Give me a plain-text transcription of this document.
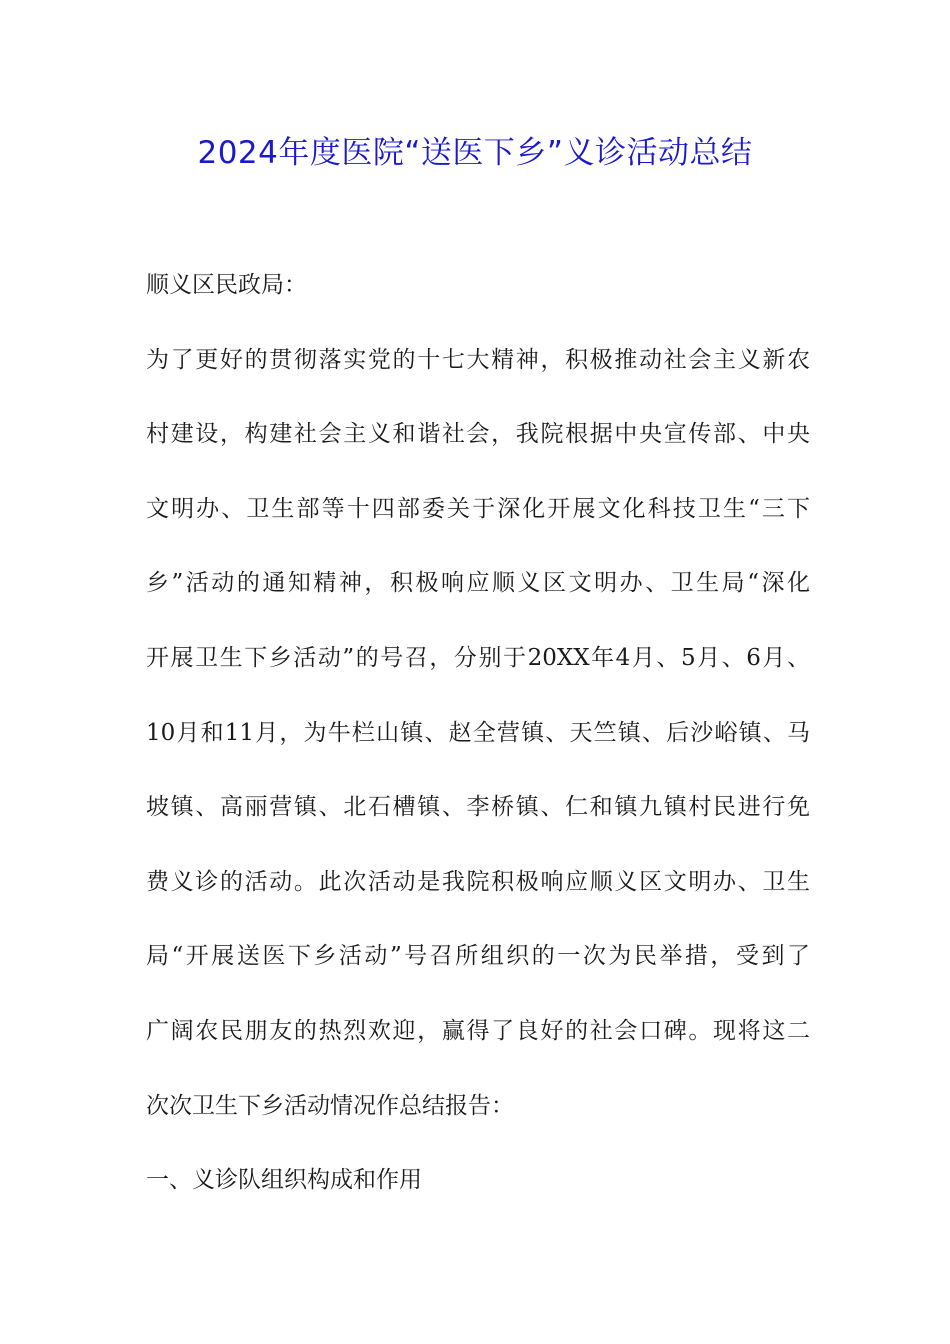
2024年度医院“送医下乡”义诊活动总结
顺义区民政局：
为了更好的贯彻落实党的十七大精神，积极推动社会主义新农
村建设，构建社会主义和谐社会，我院根据中央宣传部、中央
文明办、卫生部等十四部委关于深化开展文化科技卫生“三下
乡”活动的通知精神，积极响应顺义区文明办、卫生局“深化
开展卫生下乡活动”的号召，分别于20XX年4月、5月、6月、
10月和11月，为牛栏山镇、赵全营镇、天竺镇、后沙峪镇、马
坡镇、高丽营镇、北石槽镇、李桥镇、仁和镇九镇村民进行免
费义诊的活动。此次活动是我院积极响应顺义区文明办、卫生
局“开展送医下乡活动”号召所组织的一次为民举措，受到了
广阔农民朋友的热烈欢迎，赢得了良好的社会口碑。现将这二
次次卫生下乡活动情况作总结报告：
一、义诊队组织构成和作用
